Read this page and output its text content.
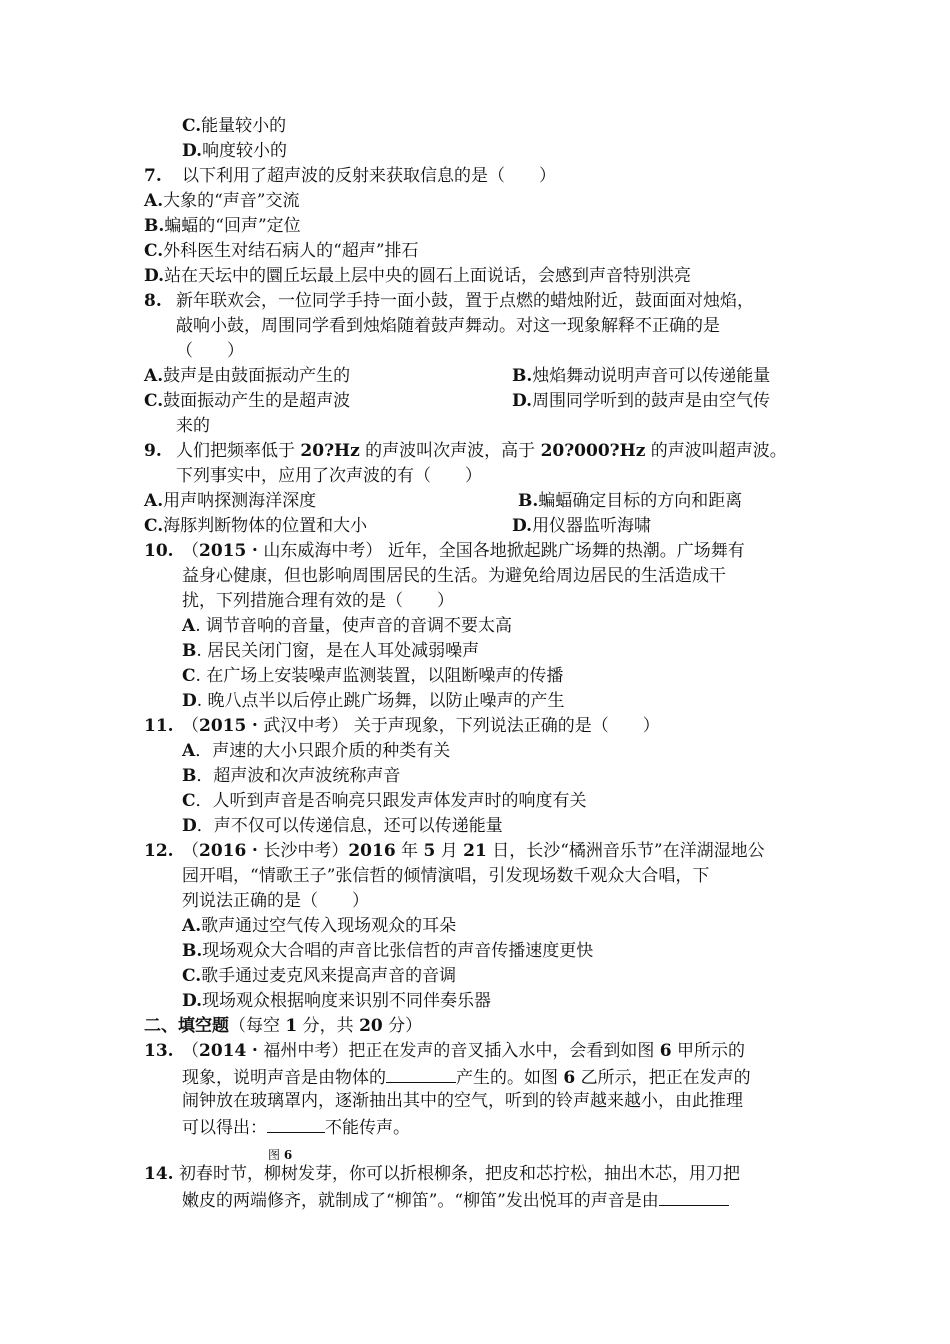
C.能量较小的
D.响度较小的
7. 以下利用了超声波的反射来获取信息的是（　　）
A.大象的“声音”交流
B.蝙蝠的“回声”定位
C.外科医生对结石病人的“超声”排石
D.站在天坛中的圜丘坛最上层中央的圆石上面说话，会感到声音特别洪亮
8. 新年联欢会，一位同学手持一面小鼓，置于点燃的蜡烛附近，鼓面面对烛焰，
敲响小鼓，周围同学看到烛焰随着鼓声舞动。对这一现象解释不正确的是
（　　）
A.鼓声是由鼓面振动产生的	B.烛焰舞动说明声音可以传递能量
C.鼓面振动产生的是超声波	D.周围同学听到的鼓声是由空气传
来的
9. 人们把频率低于 20?Hz 的声波叫次声波，高于 20?000?Hz 的声波叫超声波。
下列事实中，应用了次声波的有（　　）
A.用声呐探测海洋深度	B.蝙蝠确定目标的方向和距离
C.海豚判断物体的位置和大小	D.用仪器监听海啸
10. （2015・山东威海中考） 近年，全国各地掀起跳广场舞的热潮。广场舞有
益身心健康，但也影响周围居民的生活。为避免给周边居民的生活造成干
扰，下列措施合理有效的是（　　）
A. 调节音响的音量，使声音的音调不要太高
B. 居民关闭门窗，是在人耳处减弱噪声
C. 在广场上安装噪声监测装置，以阻断噪声的传播
D. 晚八点半以后停止跳广场舞，以防止噪声的产生
11. （2015・武汉中考） 关于声现象，下列说法正确的是（　　）
A．声速的大小只跟介质的种类有关
B．超声波和次声波统称声音
C．人听到声音是否响亮只跟发声体发声时的响度有关
D．声不仅可以传递信息，还可以传递能量
12. （2016・长沙中考）2016 年 5 月 21 日，长沙“橘洲音乐节”在洋湖湿地公
园开唱，“情歌王子”张信哲的倾情演唱，引发现场数千观众大合唱，下
列说法正确的是（　　）
A.歌声通过空气传入现场观众的耳朵
B.现场观众大合唱的声音比张信哲的声音传播速度更快
C.歌手通过麦克风来提高声音的音调
D.现场观众根据响度来识别不同伴奏乐器
二、填空题（每空 1 分，共 20 分）
13. （2014・福州中考）把正在发声的音叉插入水中，会看到如图 6 甲所示的
现象，说明声音是由物体的	产生的。如图 6 乙所示，把正在发声的
闹钟放在玻璃罩内，逐渐抽出其中的空气，听到的铃声越来越小，由此推理
可以得出：	不能传声。
图 6
14. 初春时节，柳树发芽，你可以折根柳条，把皮和芯拧松，抽出木芯，用刀把
嫩皮的两端修齐，就制成了“柳笛”。“柳笛”发出悦耳的声音是由
